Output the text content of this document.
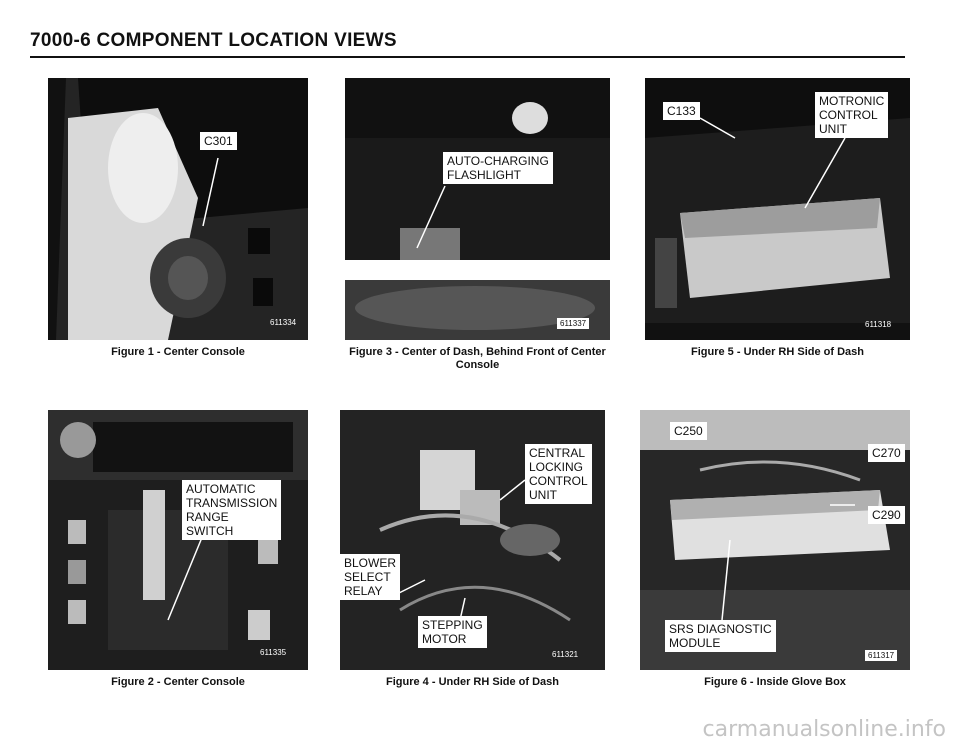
7000-6 COMPONENT LOCATION VIEWS
C301
611334
Figure 1 - Center Console
AUTO-CHARGING
FLASHLIGHT
611337
Figure 3 - Center of Dash, Behind Front of Center
Console
C133
MOTRONIC
CONTROL
UNIT
611318
Figure 5 - Under RH Side of Dash
AUTOMATIC
TRANSMISSION
RANGE
SWITCH
611335
Figure 2 - Center Console
CENTRAL
LOCKING
CONTROL
UNIT
BLOWER
SELECT
RELAY
STEPPING
MOTOR
611321
Figure 4 - Under RH Side of Dash
C250
C270
C290
SRS DIAGNOSTIC
MODULE
611317
Figure 6 - Inside Glove Box
carmanualsonline.info
